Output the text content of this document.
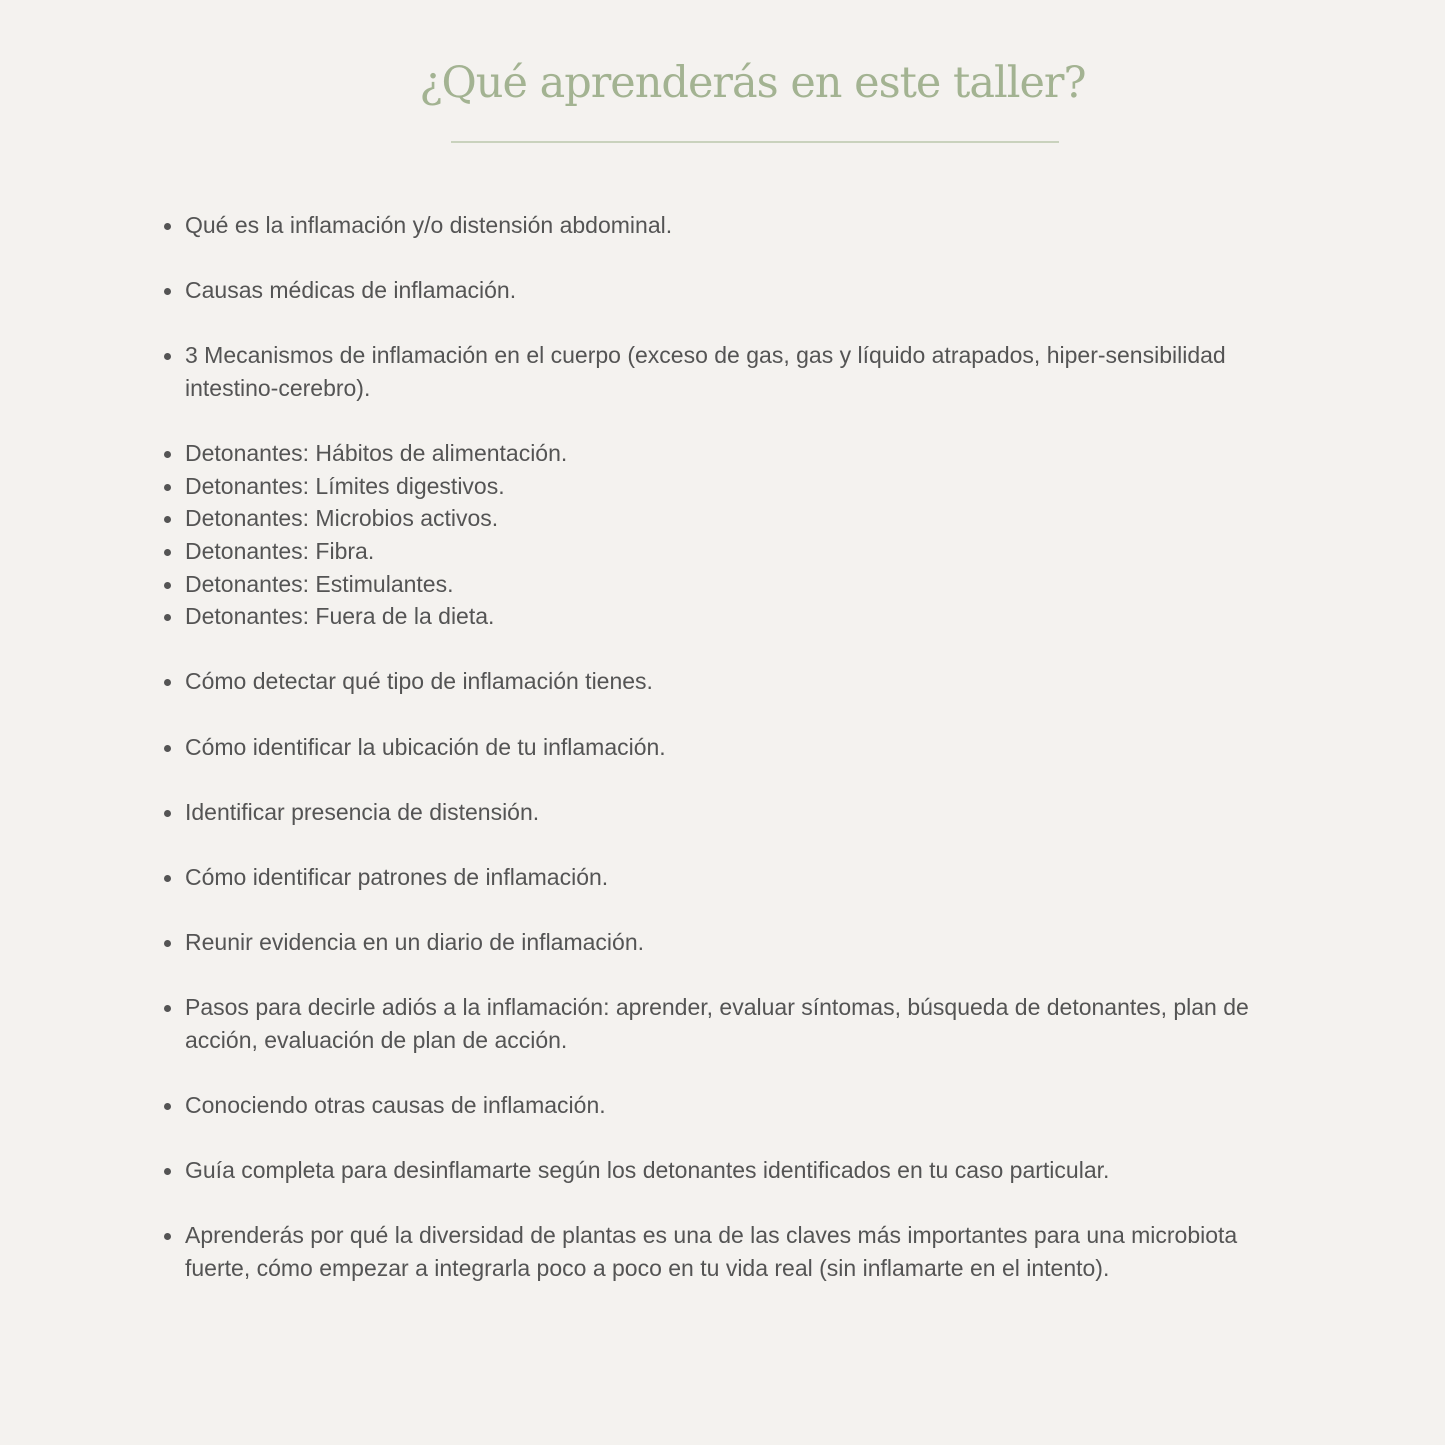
¿Qué aprenderás en este taller?
Qué es la inflamación y/o distensión abdominal.
Causas médicas de inflamación.
3 Mecanismos de inflamación en el cuerpo (exceso de gas, gas y líquido atrapados, hiper-sensibilidad intestino-cerebro).
Detonantes: Hábitos de alimentación.
Detonantes: Límites digestivos.
Detonantes: Microbios activos.
Detonantes: Fibra.
Detonantes: Estimulantes.
Detonantes: Fuera de la dieta.
Cómo detectar qué tipo de inflamación tienes.
Cómo identificar la ubicación de tu inflamación.
Identificar presencia de distensión.
Cómo identificar patrones de inflamación.
Reunir evidencia en un diario de inflamación.
Pasos para decirle adiós a la inflamación: aprender, evaluar síntomas, búsqueda de detonantes, plan de acción, evaluación de plan de acción.
Conociendo otras causas de inflamación.
Guía completa para desinflamarte según los detonantes identificados en tu caso particular.
Aprenderás por qué la diversidad de plantas es una de las claves más importantes para una microbiota fuerte, cómo empezar a integrarla poco a poco en tu vida real (sin inflamarte en el intento).
